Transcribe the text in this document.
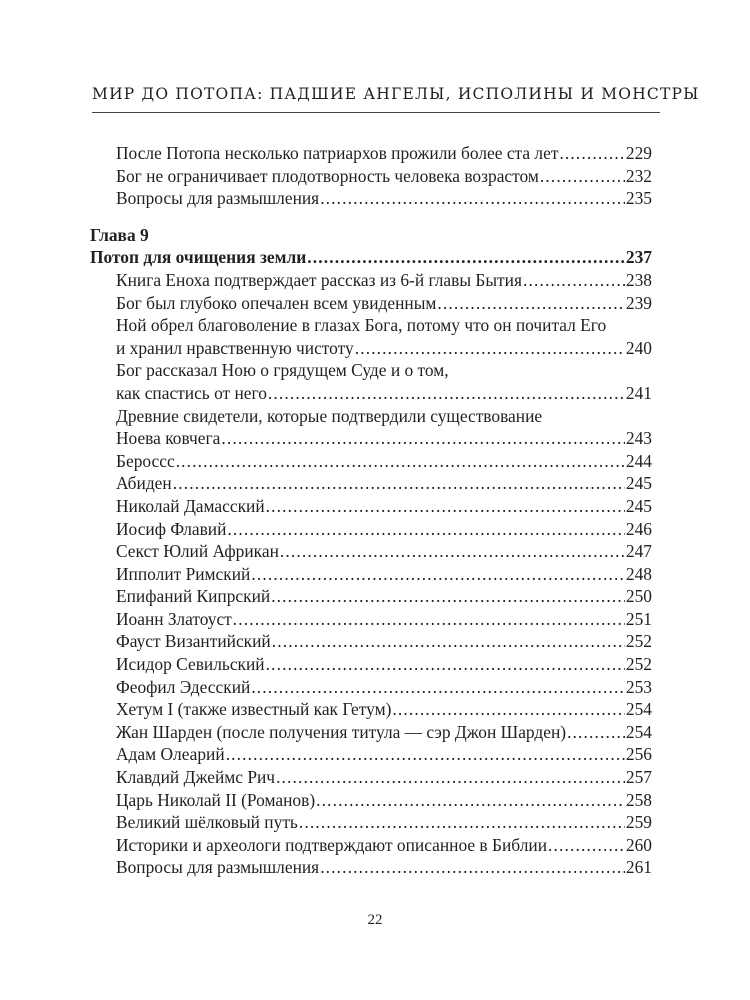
МИР ДО ПОТОПА: ПАДШИЕ АНГЕЛЫ, ИСПОЛИНЫ И МОНСТРЫ
После Потопа несколько патриархов прожили более ста лет . . .	229
Бог не ограничивает плодотворность человека возрастом . . .	232
Вопросы для размышления . . .	235
Глава 9
Потоп для очищения земли . . .	237
Книга Еноха подтверждает рассказ из 6-й главы Бытия . . .	238
Бог был глубоко опечален всем увиденным . . .	239
Ной обрел благоволение в глазах Бога, потому что он почитал Его
и хранил нравственную чистоту . . .	240
Бог рассказал Ною о грядущем Суде и о том,
как спастись от него . . .	241
Древние свидетели, которые подтвердили существование
Ноева ковчега . . .	243
Бероссс . . .	244
Абиден . . .	245
Николай Дамасский . . .	245
Иосиф Флавий . . .	246
Секст Юлий Африкан . . .	247
Ипполит Римский . . .	248
Епифаний Кипрский . . .	250
Иоанн Златоуст . . .	251
Фауст Византийский . . .	252
Исидор Севильский . . .	252
Феофил Эдесский . . .	253
Хетум I (также известный как Гетум) . . .	254
Жан Шарден (после получения титула — сэр Джон Шарден) . . .	254
Адам Олеарий . . .	256
Клавдий Джеймс Рич . . .	257
Царь Николай II (Романов) . . .	258
Великий шёлковый путь . . .	259
Историки и археологи подтверждают описанное в Библии . . .	260
Вопросы для размышления . . .	261
22
